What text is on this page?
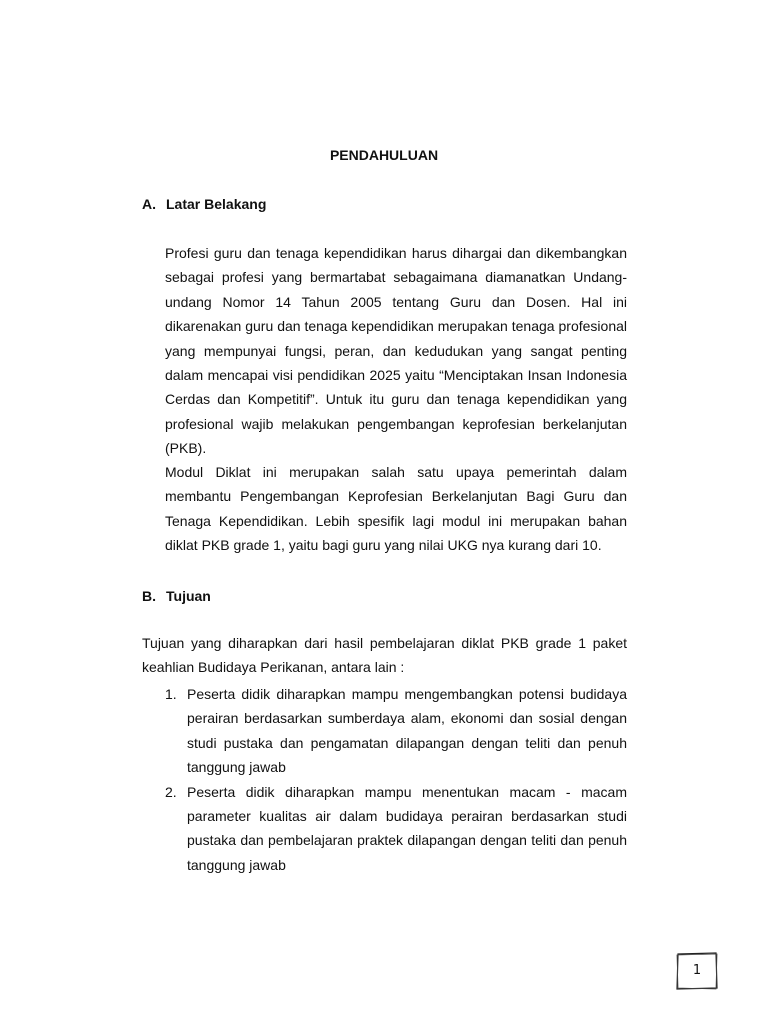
PENDAHULUAN
A. Latar Belakang

Profesi guru dan tenaga kependidikan harus dihargai dan dikembangkan sebagai profesi yang bermartabat sebagaimana diamanatkan Undang-undang Nomor 14 Tahun 2005 tentang Guru dan Dosen. Hal ini dikarenakan guru dan tenaga kependidikan merupakan tenaga profesional yang mempunyai fungsi, peran, dan kedudukan yang sangat penting dalam mencapai visi pendidikan 2025 yaitu “Menciptakan Insan Indonesia Cerdas dan Kompetitif”. Untuk itu guru dan tenaga kependidikan yang profesional wajib melakukan pengembangan keprofesian berkelanjutan (PKB).

Modul Diklat ini merupakan salah satu upaya pemerintah dalam membantu Pengembangan Keprofesian Berkelanjutan Bagi Guru dan Tenaga Kependidikan. Lebih spesifik lagi modul ini merupakan bahan diklat PKB grade 1, yaitu bagi guru yang nilai UKG nya kurang dari 10.

B. Tujuan

Tujuan yang diharapkan dari hasil pembelajaran diklat PKB grade 1 paket keahlian Budidaya Perikanan, antara lain :

1. Peserta didik diharapkan mampu mengembangkan potensi budidaya perairan berdasarkan sumberdaya alam, ekonomi dan sosial dengan studi pustaka dan pengamatan dilapangan dengan teliti dan penuh tanggung jawab
2. Peserta didik diharapkan mampu menentukan macam - macam parameter kualitas air dalam budidaya perairan berdasarkan studi pustaka dan pembelajaran praktek dilapangan dengan teliti dan penuh tanggung jawab
1
